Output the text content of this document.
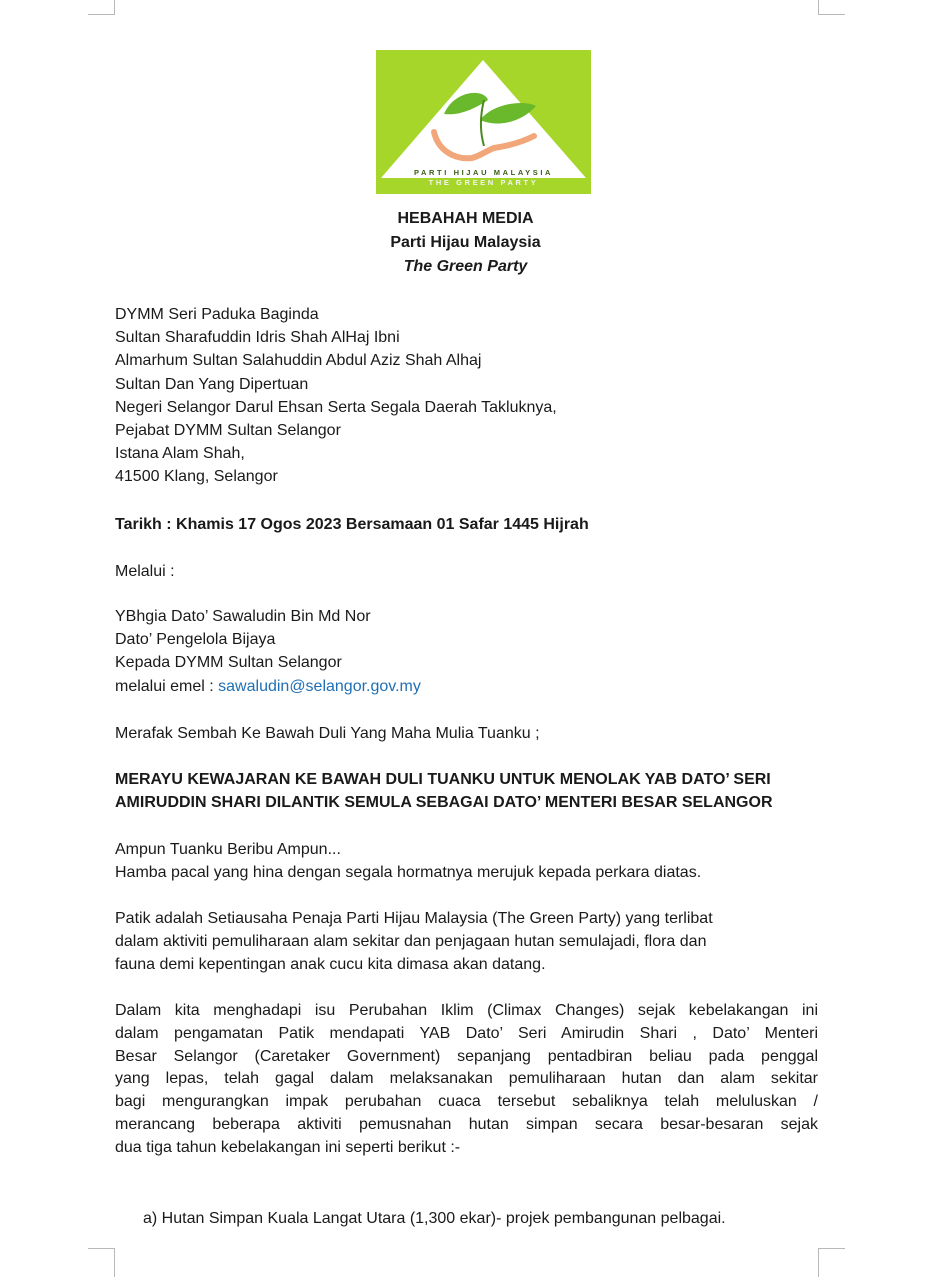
PARTI HIJAU MALAYSIA
THE GREEN PARTY
HEBAHAH MEDIA
Parti Hijau Malaysia
The Green Party
DYMM Seri Paduka Baginda
Sultan Sharafuddin Idris Shah AlHaj Ibni
Almarhum Sultan Salahuddin Abdul Aziz Shah Alhaj
Sultan Dan Yang Dipertuan
Negeri Selangor Darul Ehsan Serta Segala Daerah Takluknya,
Pejabat DYMM Sultan Selangor
Istana Alam Shah,
41500 Klang, Selangor
Tarikh : Khamis 17 Ogos 2023 Bersamaan 01 Safar 1445 Hijrah
Melalui :
YBhgia Dato’ Sawaludin Bin Md Nor
Dato’ Pengelola Bijaya
Kepada DYMM Sultan Selangor
melalui emel : sawaludin@selangor.gov.my
Merafak Sembah Ke Bawah Duli Yang Maha Mulia Tuanku ;
MERAYU KEWAJARAN KE BAWAH DULI TUANKU UNTUK MENOLAK YAB DATO’ SERI
AMIRUDDIN SHARI DILANTIK SEMULA SEBAGAI DATO’ MENTERI BESAR SELANGOR
Ampun Tuanku Beribu Ampun...
Hamba pacal yang hina dengan segala hormatnya merujuk kepada perkara diatas.
Patik adalah Setiausaha Penaja Parti Hijau Malaysia (The Green Party) yang terlibat
dalam aktiviti pemuliharaan alam sekitar dan penjagaan hutan semulajadi, flora dan
fauna demi kepentingan anak cucu kita dimasa akan datang.
Dalam kita menghadapi isu Perubahan Iklim (Climax Changes) sejak kebelakangan ini
dalam pengamatan Patik mendapati YAB Dato’ Seri Amirudin Shari , Dato’ Menteri
Besar Selangor (Caretaker Government) sepanjang pentadbiran beliau pada penggal
yang lepas, telah gagal dalam melaksanakan pemuliharaan hutan dan alam sekitar
bagi mengurangkan impak perubahan cuaca tersebut sebaliknya telah meluluskan /
merancang beberapa aktiviti pemusnahan hutan simpan secara besar-besaran sejak
dua tiga tahun kebelakangan ini seperti berikut :-
a) Hutan Simpan Kuala Langat Utara (1,300 ekar)- projek pembangunan pelbagai.
